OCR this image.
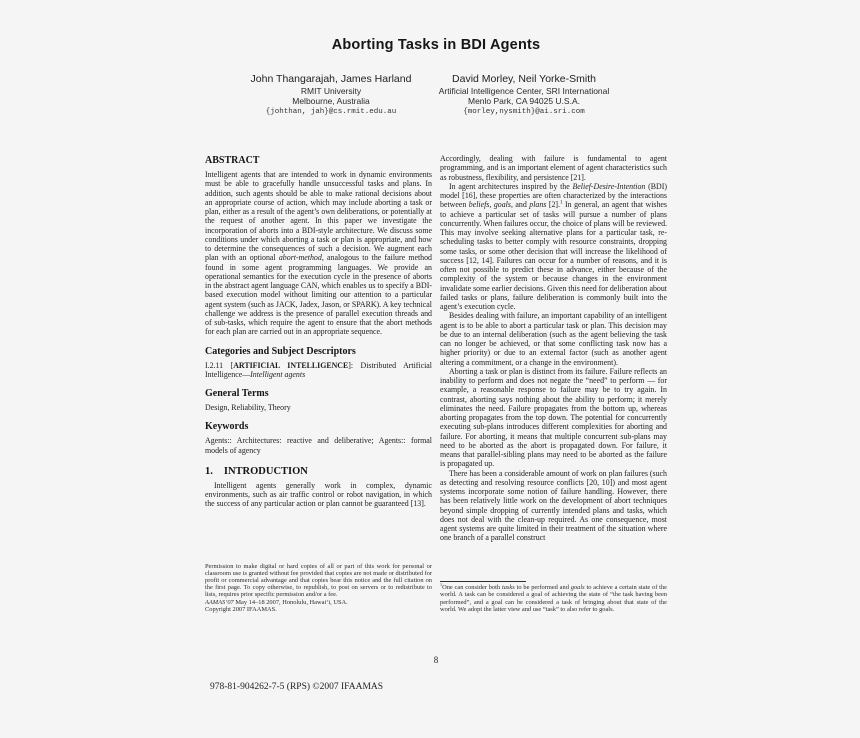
Aborting Tasks in BDI Agents
John Thangarajah, James Harland
RMIT University
Melbourne, Australia
{johthan, jah}@cs.rmit.edu.au
David Morley, Neil Yorke-Smith
Artificial Intelligence Center, SRI International
Menlo Park, CA 94025 U.S.A.
{morley,nysmith}@ai.sri.com
ABSTRACT

Intelligent agents that are intended to work in dynamic environments must be able to gracefully handle unsuccessful tasks and plans. In addition, such agents should be able to make rational decisions about an appropriate course of action, which may include aborting a task or plan, either as a result of the agent’s own deliberations, or potentially at the request of another agent. In this paper we investigate the incorporation of aborts into a BDI-style architecture. We discuss some conditions under which aborting a task or plan is appropriate, and how to determine the consequences of such a decision. We augment each plan with an optional abort-method, analogous to the failure method found in some agent programming languages. We provide an operational semantics for the execution cycle in the presence of aborts in the abstract agent language CAN, which enables us to specify a BDI-based execution model without limiting our attention to a particular agent system (such as JACK, Jadex, Jason, or SPARK). A key technical challenge we address is the presence of parallel execution threads and of sub-tasks, which require the agent to ensure that the abort methods for each plan are carried out in an appropriate sequence.

Categories and Subject Descriptors

I.2.11 [ARTIFICIAL INTELLIGENCE]: Distributed Artificial Intelligence—Intelligent agents

General Terms

Design, Reliability, Theory

Keywords

Agents:: Architectures: reactive and deliberative; Agents:: formal models of agency

1. INTRODUCTION

Intelligent agents generally work in complex, dynamic environments, such as air traffic control or robot navigation, in which the success of any particular action or plan cannot be guaranteed [13].

Permission to make digital or hard copies of all or part of this work for personal or classroom use is granted without fee provided that copies are not made or distributed for profit or commercial advantage and that copies bear this notice and the full citation on the first page. To copy otherwise, to republish, to post on servers or to redistribute to lists, requires prior specific permission and/or a fee.

AAMAS’07 May 14–18 2007, Honolulu, Hawai‘i, USA.

Copyright 2007 IFAAMAS.

Accordingly, dealing with failure is fundamental to agent programming, and is an important element of agent characteristics such as robustness, flexibility, and persistence [21].

In agent architectures inspired by the Belief-Desire-Intention (BDI) model [16], these properties are often characterized by the interactions between beliefs, goals, and plans [2].$^1$ In general, an agent that wishes to achieve a particular set of tasks will pursue a number of plans concurrently. When failures occur, the choice of plans will be reviewed. This may involve seeking alternative plans for a particular task, re-scheduling tasks to better comply with resource constraints, dropping some tasks, or some other decision that will increase the likelihood of success [12, 14]. Failures can occur for a number of reasons, and it is often not possible to predict these in advance, either because of the complexity of the system or because changes in the environment invalidate some earlier decisions. Given this need for deliberation about failed tasks or plans, failure deliberation is commonly built into the agent’s execution cycle.

Besides dealing with failure, an important capability of an intelligent agent is to be able to abort a particular task or plan. This decision may be due to an internal deliberation (such as the agent believing the task can no longer be achieved, or that some conflicting task now has a higher priority) or due to an external factor (such as another agent altering a commitment, or a change in the environment).

Aborting a task or plan is distinct from its failure. Failure reflects an inability to perform and does not negate the “need” to perform — for example, a reasonable response to failure may be to try again. In contrast, aborting says nothing about the ability to perform; it merely eliminates the need. Failure propagates from the bottom up, whereas aborting propagates from the top down. The potential for concurrently executing sub-plans introduces different complexities for aborting and failure. For aborting, it means that multiple concurrent sub-plans may need to be aborted as the abort is propagated down. For failure, it means that parallel-sibling plans may need to be aborted as the failure is propagated up.

There has been a considerable amount of work on plan failures (such as detecting and resolving resource conflicts [20, 10]) and most agent systems incorporate some notion of failure handling. However, there has been relatively little work on the development of abort techniques beyond simple dropping of currently intended plans and tasks, which does not deal with the clean-up required. As one consequence, most agent systems are quite limited in their treatment of the situation where one branch of a parallel construct

$^1$One can consider both tasks to be performed and goals to achieve a certain state of the world. A task can be considered a goal of achieving the state of “the task having been performed”, and a goal can be considered a task of bringing about that state of the world. We adopt the latter view and use “task” to also refer to goals.

8
978-81-904262-7-5 (RPS) ©2007 IFAAMAS
